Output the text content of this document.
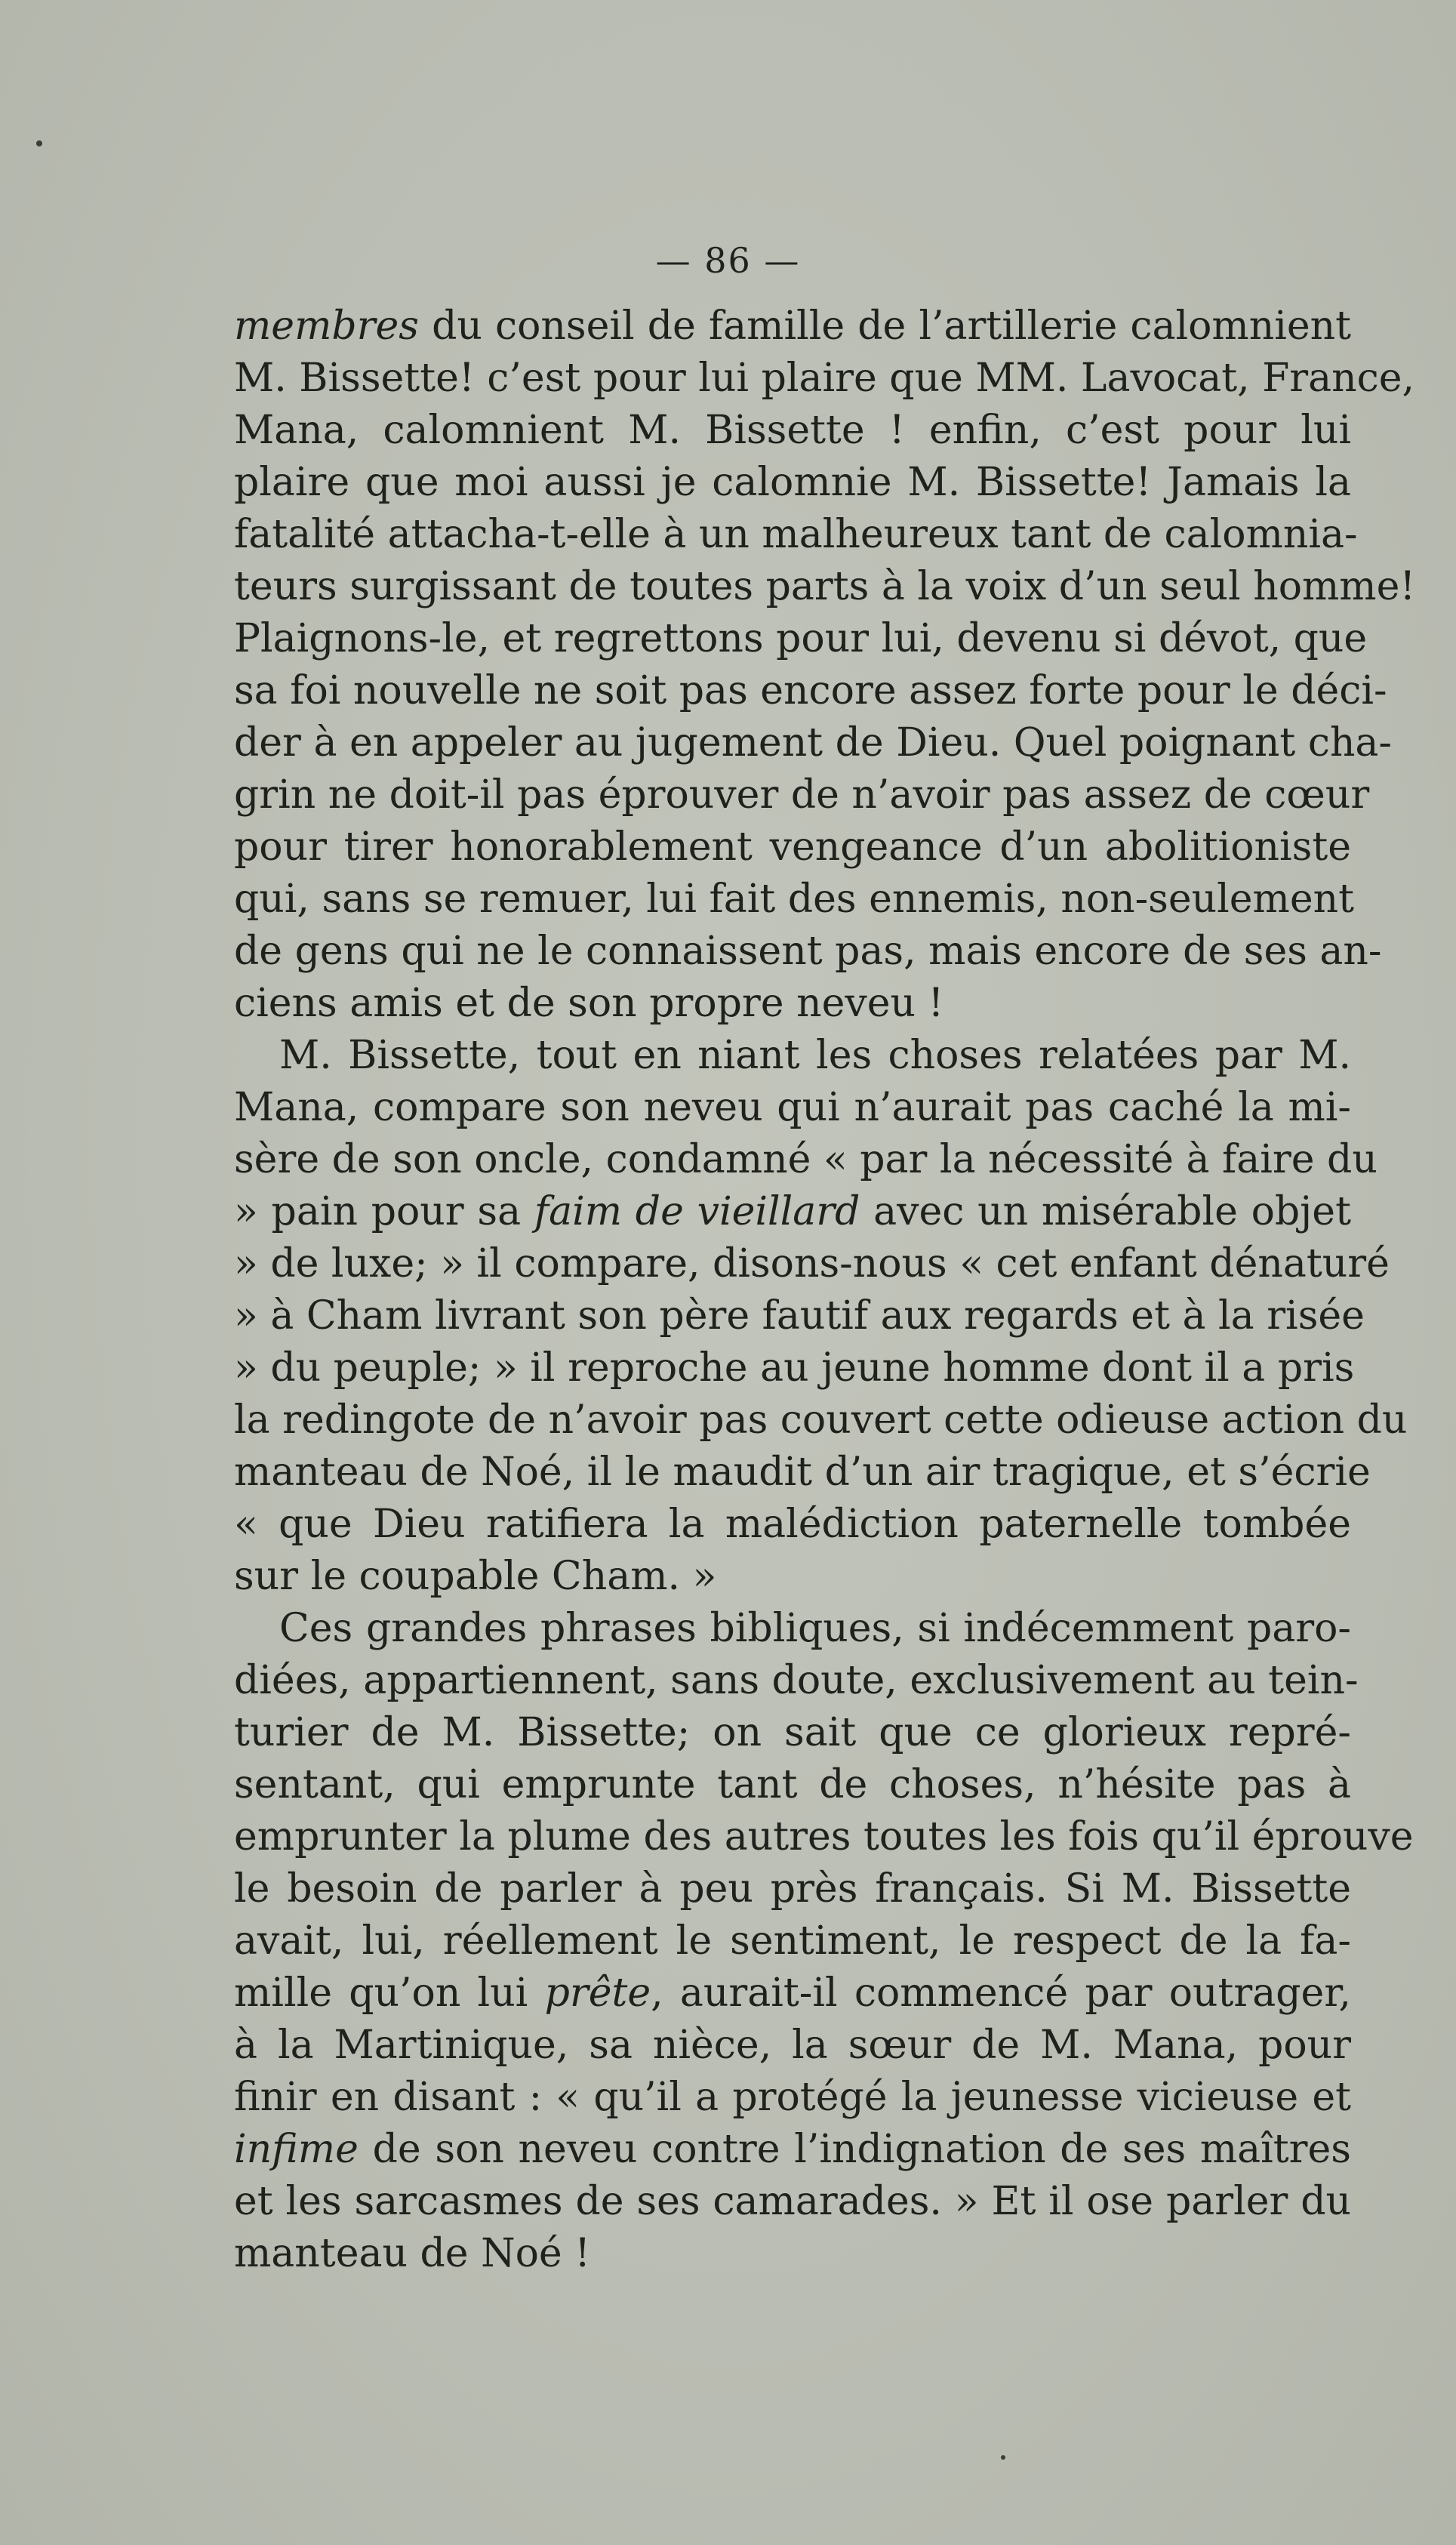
— 86 —
membres du conseil de famille de l’artillerie calomnient
M. Bissette! c’est pour lui plaire que MM. Lavocat, France,
Mana, calomnient M. Bissette ! enfin, c’est pour lui
plaire que moi aussi je calomnie M. Bissette! Jamais la
fatalité attacha-t-elle à un malheureux tant de calomnia-
teurs surgissant de toutes parts à la voix d’un seul homme!
Plaignons-le, et regrettons pour lui, devenu si dévot, que
sa foi nouvelle ne soit pas encore assez forte pour le déci-
der à en appeler au jugement de Dieu. Quel poignant cha-
grin ne doit-il pas éprouver de n’avoir pas assez de cœur
pour tirer honorablement vengeance d’un abolitioniste
qui, sans se remuer, lui fait des ennemis, non-seulement
de gens qui ne le connaissent pas, mais encore de ses an-
ciens amis et de son propre neveu !
M. Bissette, tout en niant les choses relatées par M.
Mana, compare son neveu qui n’aurait pas caché la mi-
sère de son oncle, condamné « par la nécessité à faire du
» pain pour sa faim de vieillard avec un misérable objet
» de luxe; » il compare, disons-nous « cet enfant dénaturé
» à Cham livrant son père fautif aux regards et à la risée
» du peuple; » il reproche au jeune homme dont il a pris
la redingote de n’avoir pas couvert cette odieuse action du
manteau de Noé, il le maudit d’un air tragique, et s’écrie
« que Dieu ratifiera la malédiction paternelle tombée
sur le coupable Cham. »
Ces grandes phrases bibliques, si indécemment paro-
diées, appartiennent, sans doute, exclusivement au tein-
turier de M. Bissette; on sait que ce glorieux repré-
sentant, qui emprunte tant de choses, n’hésite pas à
emprunter la plume des autres toutes les fois qu’il éprouve
le besoin de parler à peu près français. Si M. Bissette
avait, lui, réellement le sentiment, le respect de la fa-
mille qu’on lui prête, aurait-il commencé par outrager,
à la Martinique, sa nièce, la sœur de M. Mana, pour
finir en disant : « qu’il a protégé la jeunesse vicieuse et
infime de son neveu contre l’indignation de ses maîtres
et les sarcasmes de ses camarades. » Et il ose parler du
manteau de Noé !
